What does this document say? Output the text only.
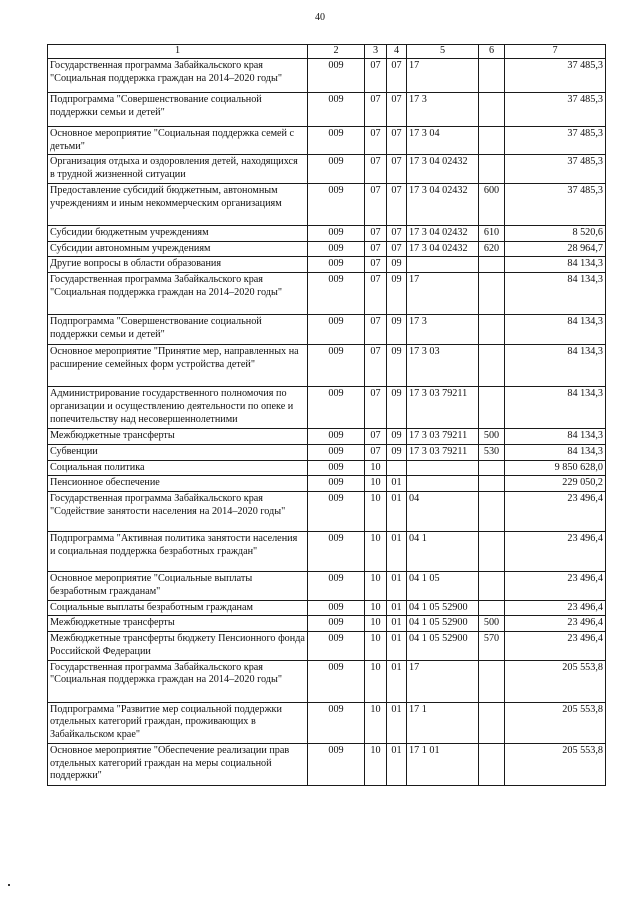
40
1	2	3	4	5	6	7
Государственная программа Забайкальского края "Социальная поддержка граждан на 2014–2020 годы"	009	07	07	17		37 485,3
Подпрограмма "Совершенствование социальной поддержки семьи и детей"	009	07	07	17 3		37 485,3
Основное мероприятие "Социальная поддержка семей с детьми"	009	07	07	17 3 04		37 485,3
Организация отдыха и оздоровления детей, находящихся в трудной жизненной ситуации	009	07	07	17 3 04 02432		37 485,3
Предоставление субсидий бюджетным, автономным учреждениям и иным некоммерческим организациям	009	07	07	17 3 04 02432	600	37 485,3
Субсидии бюджетным учреждениям	009	07	07	17 3 04 02432	610	8 520,6
Субсидии автономным учреждениям	009	07	07	17 3 04 02432	620	28 964,7
Другие вопросы в области образования	009	07	09			84 134,3
Государственная программа Забайкальского края "Социальная поддержка граждан на 2014–2020 годы"	009	07	09	17		84 134,3
Подпрограмма "Совершенствование социальной поддержки семьи и детей"	009	07	09	17 3		84 134,3
Основное мероприятие "Принятие мер, направленных на расширение семейных форм устройства детей"	009	07	09	17 3 03		84 134,3
Администрирование государственного полномочия по организации и осуществлению деятельности по опеке и попечительству над несовершеннолетними	009	07	09	17 3 03 79211		84 134,3
Межбюджетные трансферты	009	07	09	17 3 03 79211	500	84 134,3
Субвенции	009	07	09	17 3 03 79211	530	84 134,3
Социальная политика	009	10				9 850 628,0
Пенсионное обеспечение	009	10	01			229 050,2
Государственная программа Забайкальского края "Содействие занятости населения на 2014–2020 годы"	009	10	01	04		23 496,4
Подпрограмма "Активная политика занятости населения и социальная поддержка безработных граждан"	009	10	01	04 1		23 496,4
Основное мероприятие "Социальные выплаты безработным гражданам"	009	10	01	04 1 05		23 496,4
Социальные выплаты безработным гражданам	009	10	01	04 1 05 52900		23 496,4
Межбюджетные трансферты	009	10	01	04 1 05 52900	500	23 496,4
Межбюджетные трансферты бюджету Пенсионного фонда Российской Федерации	009	10	01	04 1 05 52900	570	23 496,4
Государственная программа Забайкальского края "Социальная поддержка граждан на 2014–2020 годы"	009	10	01	17		205 553,8
Подпрограмма "Развитие мер социальной поддержки отдельных категорий граждан, проживающих в Забайкальском крае"	009	10	01	17 1		205 553,8
Основное мероприятие "Обеспечение реализации прав отдельных категорий граждан на меры социальной поддержки"	009	10	01	17 1 01		205 553,8
